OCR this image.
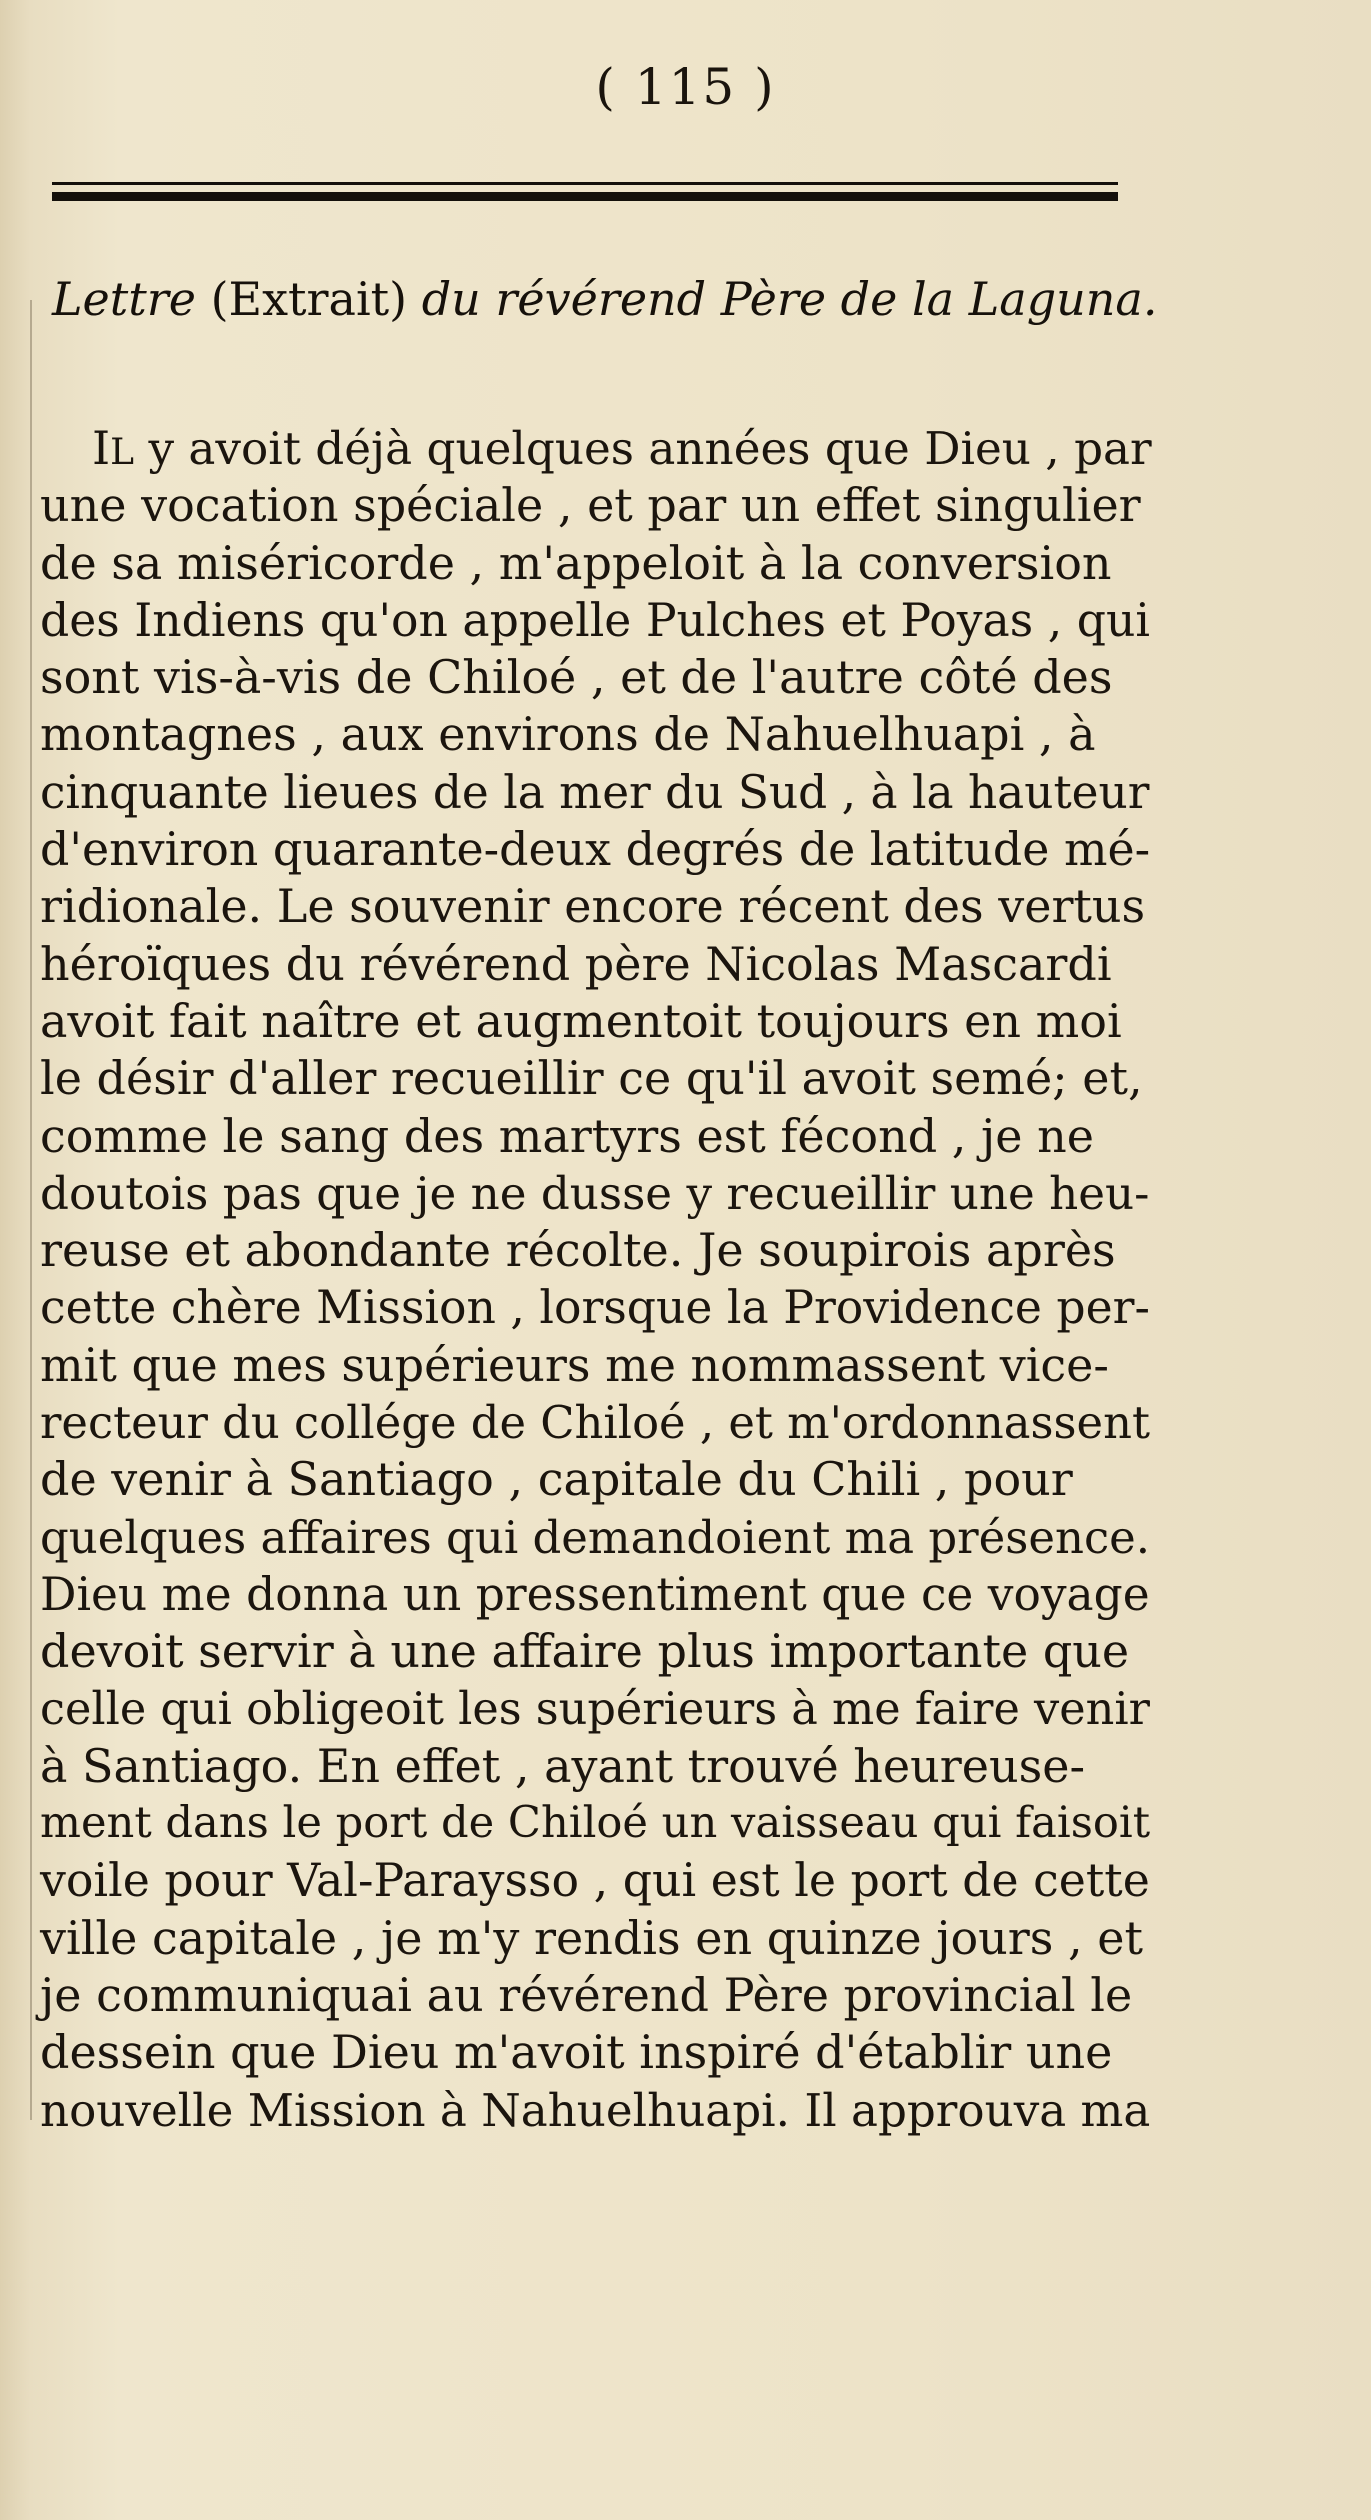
( 115 )
Lettre (Extrait) du révérend Père de la Laguna.
IL y avoit déjà quelques années que Dieu , par
une vocation spéciale , et par un effet singulier
de sa miséricorde , m'appeloit à la conversion
des Indiens qu'on appelle Pulches et Poyas , qui
sont vis-à-vis de Chiloé , et de l'autre côté des
montagnes , aux environs de Nahuelhuapi , à
cinquante lieues de la mer du Sud , à la hauteur
d'environ quarante-deux degrés de latitude mé-
ridionale. Le souvenir encore récent des vertus
héroïques du révérend père Nicolas Mascardi
avoit fait naître et augmentoit toujours en moi
le désir d'aller recueillir ce qu'il avoit semé; et,
comme le sang des martyrs est fécond , je ne
doutois pas que je ne dusse y recueillir une heu-
reuse et abondante récolte. Je soupirois après
cette chère Mission , lorsque la Providence per-
mit que mes supérieurs me nommassent vice-
recteur du collége de Chiloé , et m'ordonnassent
de venir à Santiago , capitale du Chili , pour
quelques affaires qui demandoient ma présence.
Dieu me donna un pressentiment que ce voyage
devoit servir à une affaire plus importante que
celle qui obligeoit les supérieurs à me faire venir
à Santiago. En effet , ayant trouvé heureuse-
ment dans le port de Chiloé un vaisseau qui faisoit
voile pour Val-Paraysso , qui est le port de cette
ville capitale , je m'y rendis en quinze jours , et
je communiquai au révérend Père provincial le
dessein que Dieu m'avoit inspiré d'établir une
nouvelle Mission à Nahuelhuapi. Il approuva ma
